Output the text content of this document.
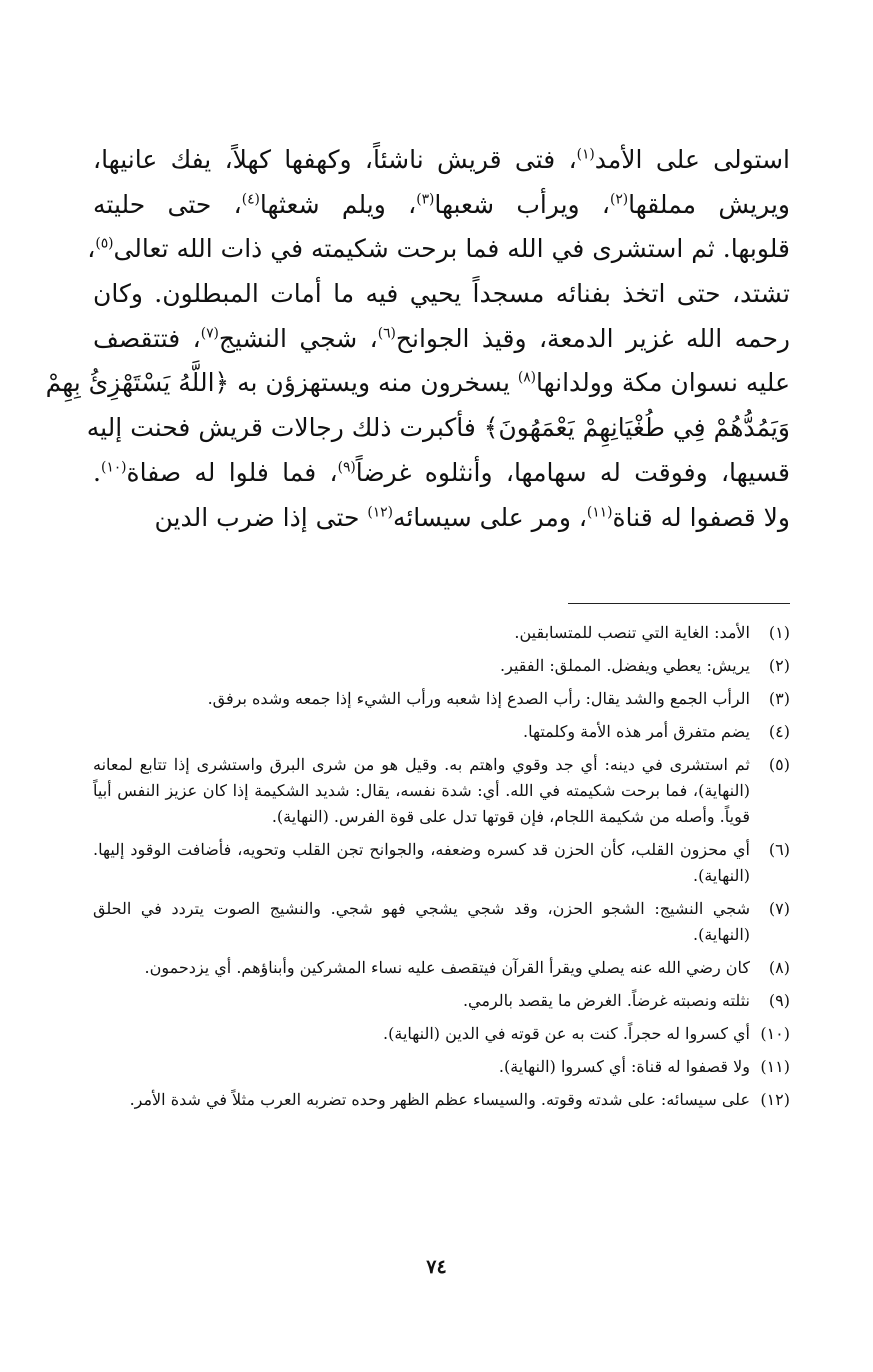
استولى على الأمد$^{(١)}$، فتى قريش ناشئاً، وكهفها كهلاً، يفك عانيها،
ويريش مملقها$^{(٢)}$، ويرأب شعبها$^{(٣)}$، ويلم شعثها$^{(٤)}$، حتى حليته
قلوبها. ثم استشرى في الله فما برحت شكيمته في ذات الله تعالى$^{(٥)}$،
تشتد، حتى اتخذ بفنائه مسجداً يحيي فيه ما أمات المبطلون. وكان
رحمه الله غزير الدمعة، وقيذ الجوانح$^{(٦)}$، شجي النشيج$^{(٧)}$، فتتقصف
عليه نسوان مكة وولدانها$^{(٨)}$ يسخرون منه ويستهزؤن به ﴿اللَّهُ يَسْتَهْزِئُ بِهِمْ
وَيَمُدُّهُمْ فِي طُغْيَانِهِمْ يَعْمَهُونَ﴾ فأكبرت ذلك رجالات قريش فحنت إليه
قسيها، وفوقت له سهامها، وأنثلوه غرضاً$^{(٩)}$، فما فلوا له صفاة$^{(١٠)}$.
ولا قصفوا له قناة$^{(١١)}$، ومر على سيسائه$^{(١٢)}$ حتى إذا ضرب الدين
(١)
الأمد: الغاية التي تنصب للمتسابقين.
(٢)
يريش: يعطي ويفضل. المملق: الفقير.
(٣)
الرأب الجمع والشد يقال: رأب الصدع إذا شعبه ورأب الشيء إذا جمعه وشده برفق.
(٤)
يضم متفرق أمر هذه الأمة وكلمتها.
(٥)
ثم استشرى في دينه: أي جد وقوي واهتم به. وقيل هو من شرى البرق واستشرى إذا تتابع لمعانه (النهاية)، فما برحت شكيمته في الله. أي: شدة نفسه، يقال: شديد الشكيمة إذا كان عزيز النفس أبياً قوياً. وأصله من شكيمة اللجام، فإن قوتها تدل على قوة الفرس. (النهاية).
(٦)
أي محزون القلب، كأن الحزن قد كسره وضعفه، والجوانح تجن القلب وتحويه، فأضافت الوقود إليها. (النهاية).
(٧)
شجي النشيج: الشجو الحزن، وقد شجي يشجي فهو شجي. والنشيج الصوت يتردد في الحلق (النهاية).
(٨)
كان رضي الله عنه يصلي ويقرأ القرآن فيتقصف عليه نساء المشركين وأبناؤهم. أي يزدحمون.
(٩)
نثلته ونصبته غرضاً. الغرض ما يقصد بالرمي.
(١٠)
أي كسروا له حجراً. كنت به عن قوته في الدين (النهاية).
(١١)
ولا قصفوا له قناة: أي كسروا (النهاية).
(١٢)
على سيسائه: على شدته وقوته. والسيساء عظم الظهر وحده تضربه العرب مثلاً في شدة الأمر.
٧٤
